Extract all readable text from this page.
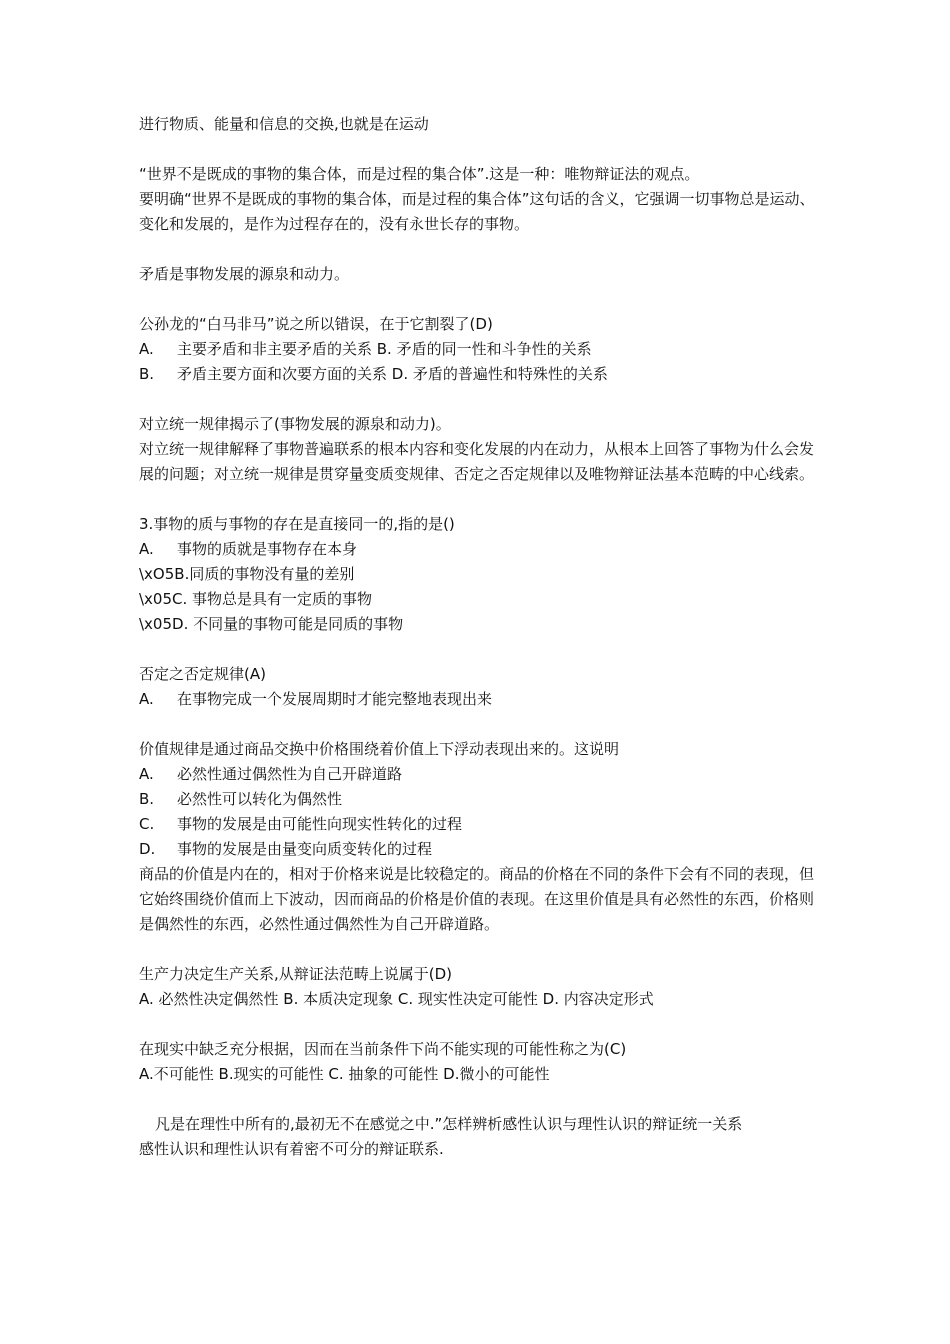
进行物质、能量和信息的交换,也就是在运动

“世界不是既成的事物的集合体，而是过程的集合体”.这是一种：唯物辩证法的观点。

要明确“世界不是既成的事物的集合体，而是过程的集合体”这句话的含义，它强调一切事物总是运动、变化和发展的，是作为过程存在的，没有永世长存的事物。

矛盾是事物发展的源泉和动力。

公孙龙的“白马非马”说之所以错误，在于它割裂了(D)

A.	主要矛盾和非主要矛盾的关系 B. 矛盾的同一性和斗争性的关系
B.	矛盾主要方面和次要方面的关系 D. 矛盾的普遍性和特殊性的关系

对立统一规律揭示了(事物发展的源泉和动力)。

对立统一规律解释了事物普遍联系的根本内容和变化发展的内在动力，从根本上回答了事物为什么会发展的问题；对立统一规律是贯穿量变质变规律、否定之否定规律以及唯物辩证法基本范畴的中心线索。

3.事物的质与事物的存在是直接同一的,指的是()

A.	事物的质就是事物存在本身

\xO5B.同质的事物没有量的差别

\x05C. 事物总是具有一定质的事物

\x05D. 不同量的事物可能是同质的事物

否定之否定规律(A)

A.	在事物完成一个发展周期时才能完整地表现出来

价值规律是通过商品交换中价格围绕着价值上下浮动表现出来的。这说明

A.	必然性通过偶然性为自己开辟道路
B.	必然性可以转化为偶然性
C.	事物的发展是由可能性向现实性转化的过程
D.	事物的发展是由量变向质变转化的过程

商品的价值是内在的，相对于价格来说是比较稳定的。商品的价格在不同的条件下会有不同的表现，但它始终围绕价值而上下波动，因而商品的价格是价值的表现。在这里价值是具有必然性的东西，价格则是偶然性的东西，必然性通过偶然性为自己开辟道路。

生产力决定生产关系,从辩证法范畴上说属于(D)

A. 必然性决定偶然性 B. 本质决定现象 C. 现实性决定可能性 D. 内容决定形式

在现实中缺乏充分根据，因而在当前条件下尚不能实现的可能性称之为(C)

A.不可能性 B.现实的可能性 C. 抽象的可能性 D.微小的可能性

凡是在理性中所有的,最初无不在感觉之中.”怎样辨析感性认识与理性认识的辩证统一关系

感性认识和理性认识有着密不可分的辩证联系.
